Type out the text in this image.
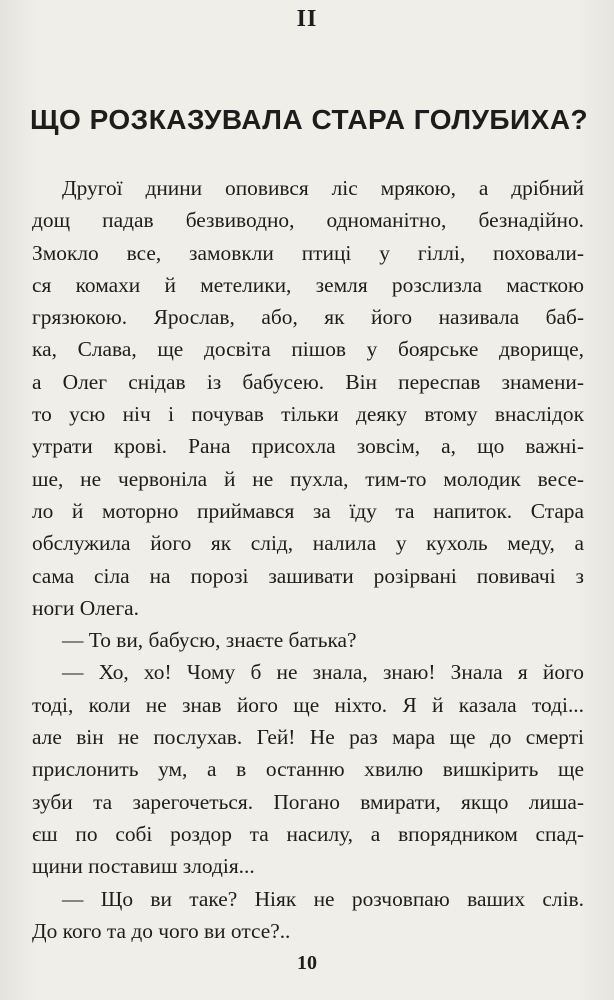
II
ЩО РОЗКАЗУВАЛА СТАРА ГОЛУБИХА?
Другої днини оповився ліс мрякою, а дрібний
дощ падав безвиводно, одноманітно, безнадійно.
Змокло все, замовкли птиці у гіллі, поховали-
ся комахи й метелики, земля розслизла масткою
грязюкою. Ярослав, або, як його називала баб-
ка, Слава, ще досвіта пішов у боярське дворище,
а Олег снідав із бабусею. Він переспав знамени-
то усю ніч і почував тільки деяку втому внаслідок
утрати крові. Рана присохла зовсім, а, що важні-
ше, не червоніла й не пухла, тим-то молодик весе-
ло й моторно приймався за їду та напиток. Стара
обслужила його як слід, налила у кухоль меду, а
сама сіла на порозі зашивати розірвані повивачі з
ноги Олега.
— То ви, бабусю, знаєте батька?
— Хо, хо! Чому б не знала, знаю! Знала я його
тоді, коли не знав його ще ніхто. Я й казала тоді...
але він не послухав. Гей! Не раз мара ще до смерті
прислонить ум, а в останню хвилю вишкірить ще
зуби та зарегочеться. Погано вмирати, якщо лиша-
єш по собі роздор та насилу, а впорядником спад-
щини поставиш злодія...
— Що ви таке? Ніяк не розчовпаю ваших слів.
До кого та до чого ви отсе?..
10
